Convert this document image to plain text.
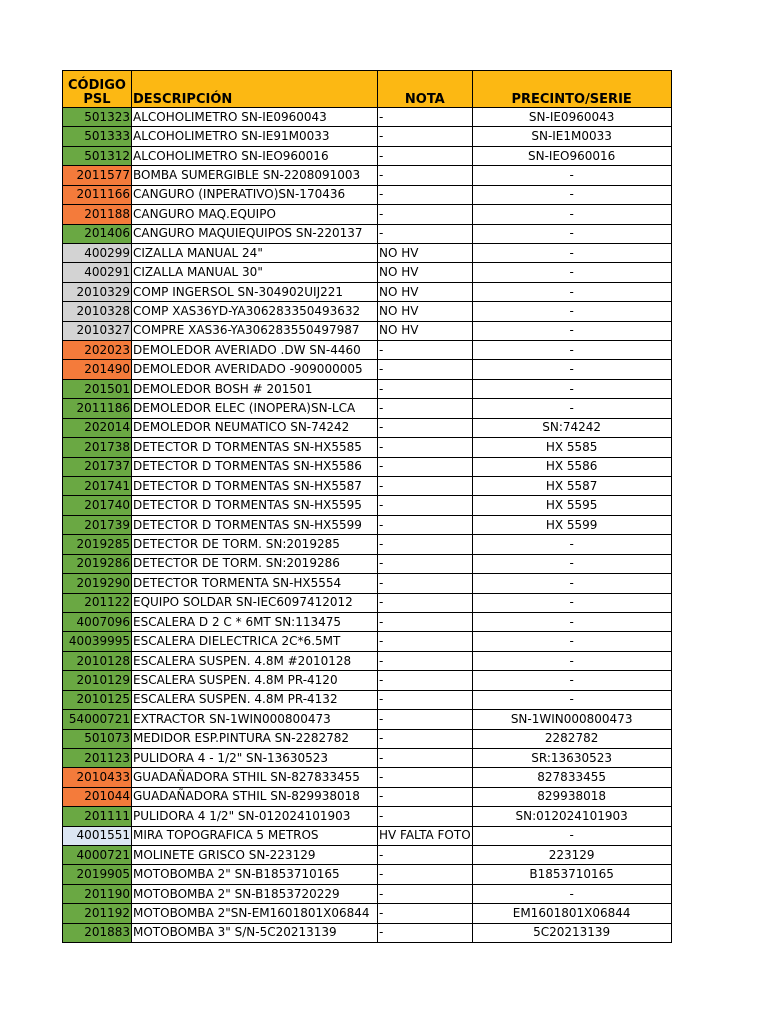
CÓDIGO PSL	DESCRIPCIÓN	NOTA	PRECINTO/SERIE
501323	ALCOHOLIMETRO SN-IE0960043	-	SN-IE0960043
501333	ALCOHOLIMETRO SN-IE91M0033	-	SN-IE1M0033
501312	ALCOHOLIMETRO SN-IEO960016	-	SN-IEO960016
2011577	BOMBA SUMERGIBLE SN-2208091003	-	-
2011166	CANGURO (INPERATIVO)SN-170436	-	-
201188	CANGURO MAQ.EQUIPO	-	-
201406	CANGURO MAQUIEQUIPOS SN-220137	-	-
400299	CIZALLA MANUAL 24"	NO HV	-
400291	CIZALLA MANUAL 30"	NO HV	-
2010329	COMP INGERSOL SN-304902UIJ221	NO HV	-
2010328	COMP XAS36YD-YA306283350493632	NO HV	-
2010327	COMPRE XAS36-YA306283550497987	NO HV	-
202023	DEMOLEDOR AVERIADO .DW SN-4460	-	-
201490	DEMOLEDOR AVERIDADO -909000005	-	-
201501	DEMOLEDOR BOSH # 201501	-	-
2011186	DEMOLEDOR ELEC (INOPERA)SN-LCA	-	-
202014	DEMOLEDOR NEUMATICO SN-74242	-	SN:74242
201738	DETECTOR D TORMENTAS SN-HX5585	-	HX 5585
201737	DETECTOR D TORMENTAS SN-HX5586	-	HX 5586
201741	DETECTOR D TORMENTAS SN-HX5587	-	HX 5587
201740	DETECTOR D TORMENTAS SN-HX5595	-	HX 5595
201739	DETECTOR D TORMENTAS SN-HX5599	-	HX 5599
2019285	DETECTOR DE TORM. SN:2019285	-	-
2019286	DETECTOR DE TORM. SN:2019286	-	-
2019290	DETECTOR TORMENTA SN-HX5554	-	-
201122	EQUIPO SOLDAR SN-IEC6097412012	-	-
4007096	ESCALERA D 2 C * 6MT SN:113475	-	-
40039995	ESCALERA DIELECTRICA 2C*6.5MT	-	-
2010128	ESCALERA SUSPEN. 4.8M #2010128	-	-
2010129	ESCALERA SUSPEN. 4.8M PR-4120	-	-
2010125	ESCALERA SUSPEN. 4.8M PR-4132	-	-
54000721	EXTRACTOR SN-1WIN000800473	-	SN-1WIN000800473
501073	MEDIDOR ESP.PINTURA SN-2282782	-	2282782
201123	PULIDORA 4 - 1/2" SN-13630523	-	SR:13630523
2010433	GUADAÑADORA STHIL SN-827833455	-	827833455
201044	GUADAÑADORA STHIL SN-829938018	-	829938018
201111	PULIDORA 4 1/2" SN-012024101903	-	SN:012024101903
4001551	MIRA TOPOGRAFICA 5 METROS	HV FALTA FOTO	-
4000721	MOLINETE GRISCO SN-223129	-	223129
2019905	MOTOBOMBA 2" SN-B1853710165	-	B1853710165
201190	MOTOBOMBA 2" SN-B1853720229	-	-
201192	MOTOBOMBA 2"SN-EM1601801X06844	-	EM1601801X06844
201883	MOTOBOMBA 3" S/N-5C20213139	-	5C20213139
